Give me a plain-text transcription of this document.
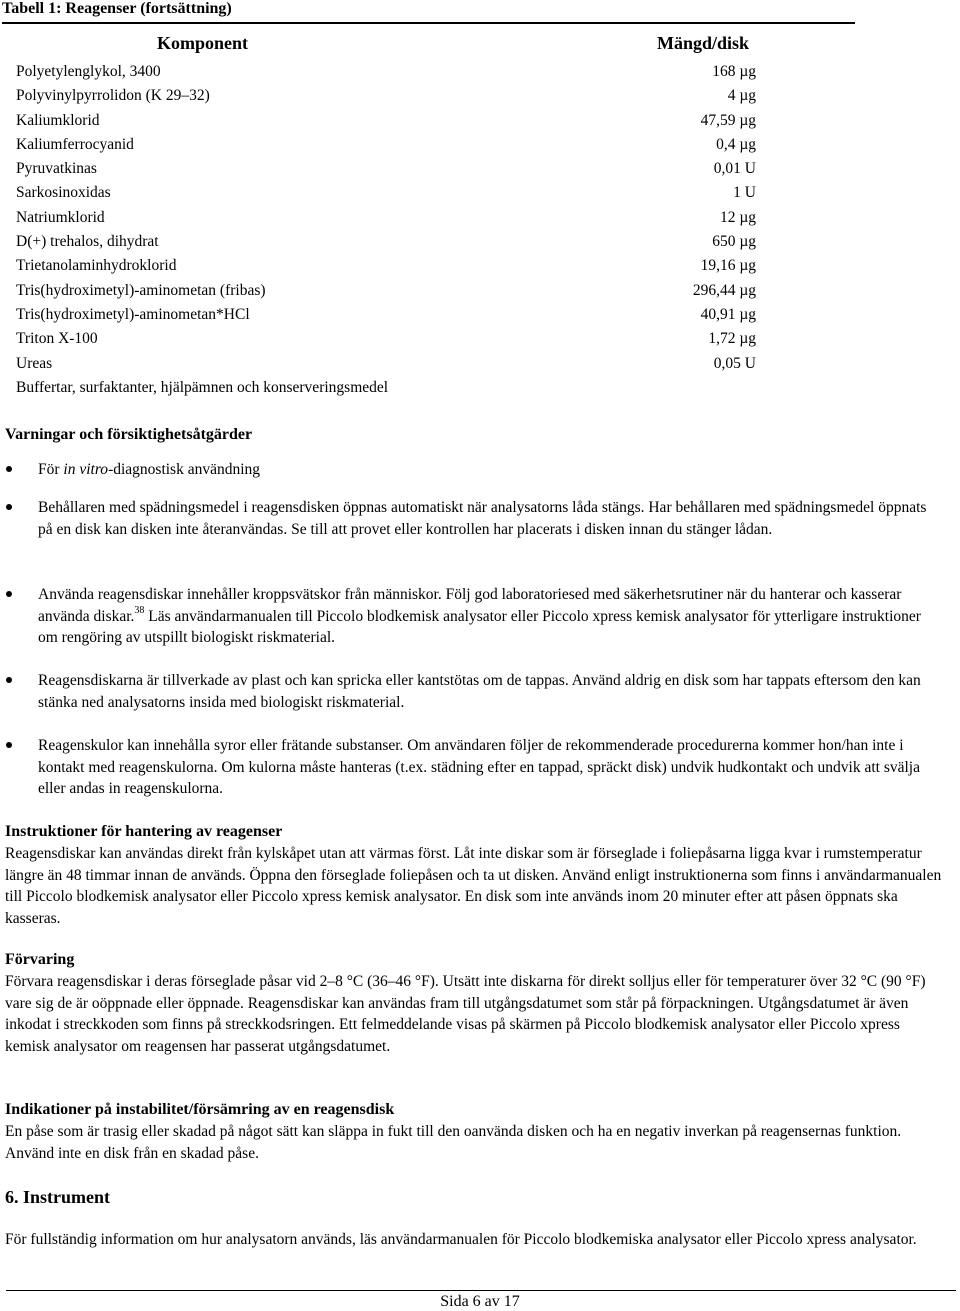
Tabell 1: Reagenser (fortsättning)
Komponent	Mängd/disk
Polyetylenglykol, 3400	168 µg
Polyvinylpyrrolidon (K 29–32)	4 µg
Kaliumklorid	47,59 µg
Kaliumferrocyanid	0,4 µg
Pyruvatkinas	0,01 U
Sarkosinoxidas	1 U
Natriumklorid	12 µg
D(+) trehalos, dihydrat	650 µg
Trietanolaminhydroklorid	19,16 µg
Tris(hydroximetyl)-aminometan (fribas)	296,44 µg
Tris(hydroximetyl)-aminometan*HCl	40,91 µg
Triton X-100	1,72 µg
Ureas	0,05 U
Buffertar, surfaktanter, hjälpämnen och konserveringsmedel
Varningar och försiktighetsåtgärder
För in vitro-diagnostisk användning
Behållaren med spädningsmedel i reagensdisken öppnas automatiskt när analysatorns låda stängs. Har behållaren med spädningsmedel öppnats på en disk kan disken inte återanvändas. Se till att provet eller kontrollen har placerats i disken innan du stänger lådan.
Använda reagensdiskar innehåller kroppsvätskor från människor. Följ god laboratoriesed med säkerhetsrutiner när du hanterar och kasserar använda diskar.$^{38}$ Läs användarmanualen till Piccolo blodkemisk analysator eller Piccolo xpress kemisk analysator för ytterligare instruktioner om rengöring av utspillt biologiskt riskmaterial.
Reagensdiskarna är tillverkade av plast och kan spricka eller kantstötas om de tappas. Använd aldrig en disk som har tappats eftersom den kan stänka ned analysatorns insida med biologiskt riskmaterial.
Reagenskulor kan innehålla syror eller frätande substanser. Om användaren följer de rekommenderade procedurerna kommer hon/han inte i kontakt med reagenskulorna. Om kulorna måste hanteras (t.ex. städning efter en tappad, spräckt disk) undvik hudkontakt och undvik att svälja eller andas in reagenskulorna.
Instruktioner för hantering av reagenser
Reagensdiskar kan användas direkt från kylskåpet utan att värmas först. Låt inte diskar som är förseglade i foliepåsarna ligga kvar i rumstemperatur längre än 48 timmar innan de används. Öppna den förseglade foliepåsen och ta ut disken. Använd enligt instruktionerna som finns i användarmanualen till Piccolo blodkemisk analysator eller Piccolo xpress kemisk analysator. En disk som inte används inom 20 minuter efter att påsen öppnats ska kasseras.
Förvaring
Förvara reagensdiskar i deras förseglade påsar vid 2–8 °C (36–46 °F). Utsätt inte diskarna för direkt solljus eller för temperaturer över 32 °C (90 °F) vare sig de är oöppnade eller öppnade. Reagensdiskar kan användas fram till utgångsdatumet som står på förpackningen. Utgångsdatumet är även inkodat i streckkoden som finns på streckkodsringen. Ett felmeddelande visas på skärmen på Piccolo blodkemisk analysator eller Piccolo xpress kemisk analysator om reagensen har passerat utgångsdatumet.
Indikationer på instabilitet/försämring av en reagensdisk
En påse som är trasig eller skadad på något sätt kan släppa in fukt till den oanvända disken och ha en negativ inverkan på reagensernas funktion. Använd inte en disk från en skadad påse.
6. Instrument
För fullständig information om hur analysatorn används, läs användarmanualen för Piccolo blodkemiska analysator eller Piccolo xpress analysator.
Sida 6 av 17
